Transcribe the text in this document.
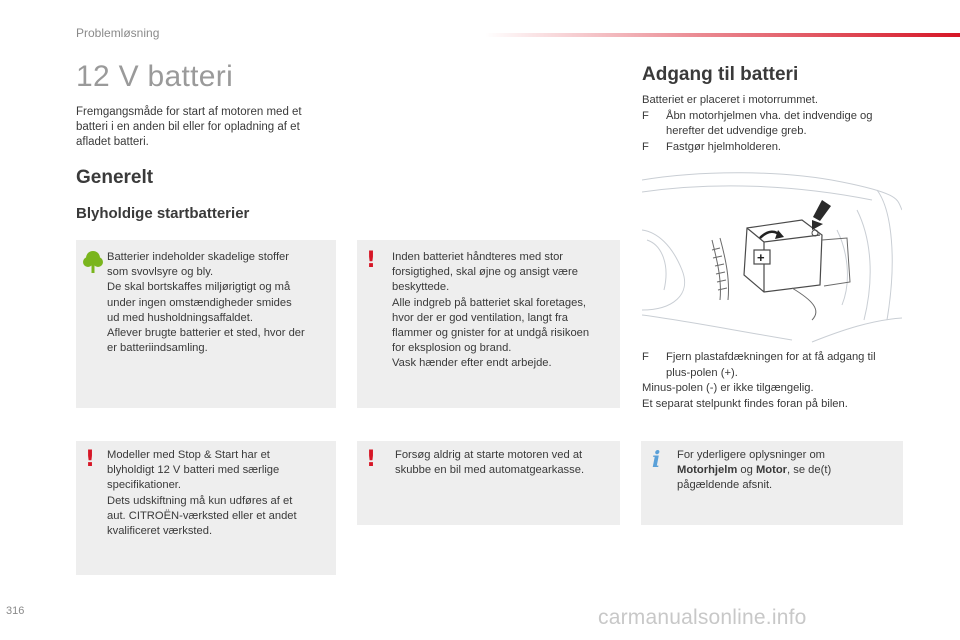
Problemløsning
12 V batteri
Fremgangsmåde for start af motoren med et
batteri i en anden bil eller for opladning af et
afladet batteri.
Generelt
Blyholdige startbatterier

Batterier indeholder skadelige stoffer

som svovlsyre og bly.

De skal bortskaffes miljørigtigt og må

under ingen omstændigheder smides

ud med husholdningsaffaldet.

Aflever brugte batterier et sted, hvor der

er batteriindsamling.

! Inden batteriet håndteres med stor

forsigtighed, skal øjne og ansigt være

beskyttede.

Alle indgreb på batteriet skal foretages,

hvor der er god ventilation, langt fra

flammer og gnister for at undgå risikoen

for eksplosion og brand.

Vask hænder efter endt arbejde.

! Modeller med Stop & Start har et

blyholdigt 12 V batteri med særlige

specifikationer.

Dets udskiftning må kun udføres af et

aut. CITROËN-værksted eller et andet

kvalificeret værksted.

! Forsøg aldrig at starte motoren ved at

skubbe en bil med automatgearkasse.	i For yderligere oplysninger om

Motorhjelm og Motor, se de(t)

pågældende afsnit.

Adgang til batteri

Batteriet er placeret i motorrummet.

F	Åbn motorhjelmen vha. det indvendige og
herefter det udvendige greb.
F	Fastgør hjelmholderen.
+
F	Fjern plastafdækningen for at få adgang til
plus-polen (+).

Minus-polen (-) er ikke tilgængelig.

Et separat stelpunkt findes foran på bilen.

316	carmanualsonline.info
